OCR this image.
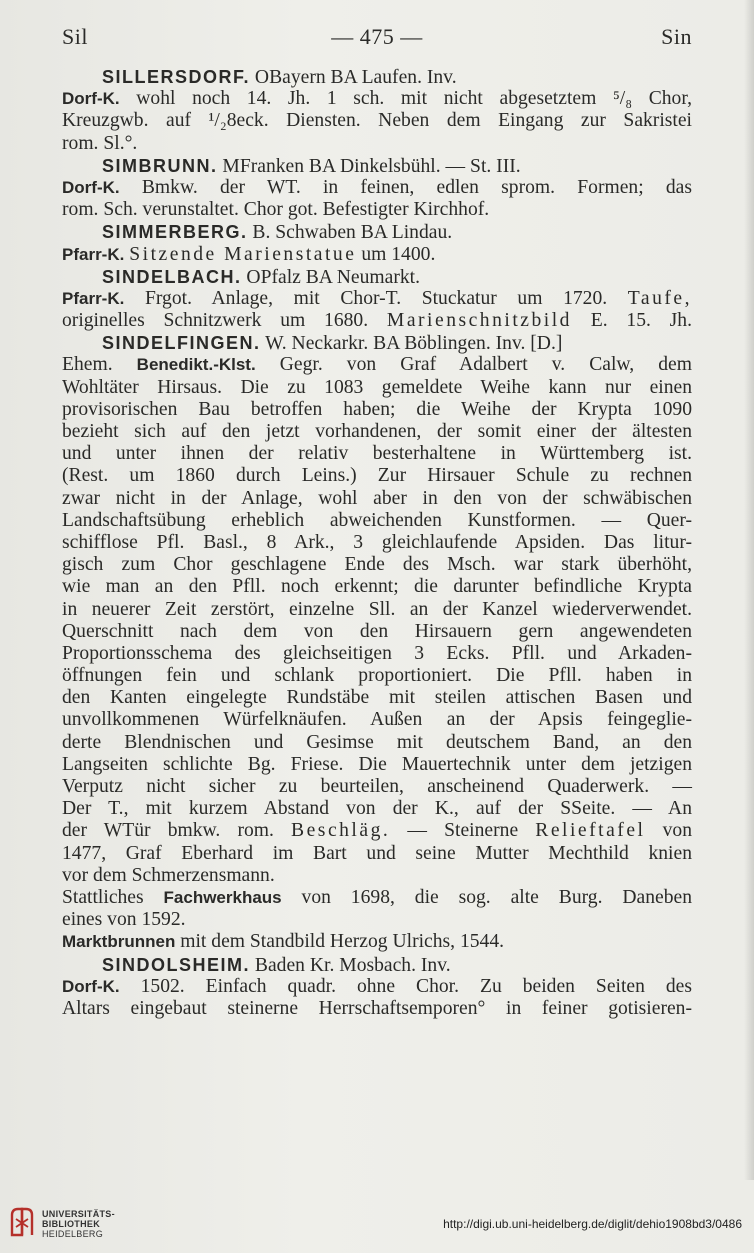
Sil	— 475 —	Sin
SILLERSDORF. OBayern BA Laufen. Inv.
Dorf-K. wohl noch 14. Jh. 1 sch. mit nicht abgesetztem ⁵/₈ Chor,
Kreuzgwb. auf ¹/₂8eck. Diensten. Neben dem Eingang zur Sakristei
rom. Sl.°.
SIMBRUNN. MFranken BA Dinkelsbühl. — St. III.
Dorf-K. Bmkw. der WT. in feinen, edlen sprom. Formen; das
rom. Sch. verunstaltet. Chor got. Befestigter Kirchhof.
SIMMERBERG. B. Schwaben BA Lindau.
Pfarr-K. Sitzende Marienstatue um 1400.
SINDELBACH. OPfalz BA Neumarkt.
Pfarr-K. Frgot. Anlage, mit Chor-T. Stuckatur um 1720. Taufe,
originelles Schnitzwerk um 1680. Marienschnitzbild E. 15. Jh.
SINDELFINGEN. W. Neckarkr. BA Böblingen. Inv. [D.]
Ehem. Benedikt.-Klst. Gegr. von Graf Adalbert v. Calw, dem
Wohltäter Hirsaus. Die zu 1083 gemeldete Weihe kann nur einen
provisorischen Bau betroffen haben; die Weihe der Krypta 1090
bezieht sich auf den jetzt vorhandenen, der somit einer der ältesten
und unter ihnen der relativ besterhaltene in Württemberg ist.
(Rest. um 1860 durch Leins.) Zur Hirsauer Schule zu rechnen
zwar nicht in der Anlage, wohl aber in den von der schwäbischen
Landschaftsübung erheblich abweichenden Kunstformen. — Quer-
schifflose Pfl. Basl., 8 Ark., 3 gleichlaufende Apsiden. Das litur-
gisch zum Chor geschlagene Ende des Msch. war stark überhöht,
wie man an den Pfll. noch erkennt; die darunter befindliche Krypta
in neuerer Zeit zerstört, einzelne Sll. an der Kanzel wiederverwendet.
Querschnitt nach dem von den Hirsauern gern angewendeten
Proportionsschema des gleichseitigen 3 Ecks. Pfll. und Arkaden-
öffnungen fein und schlank proportioniert. Die Pfll. haben in
den Kanten eingelegte Rundstäbe mit steilen attischen Basen und
unvollkommenen Würfelknäufen. Außen an der Apsis feingeglie-
derte Blendnischen und Gesimse mit deutschem Band, an den
Langseiten schlichte Bg. Friese. Die Mauertechnik unter dem jetzigen
Verputz nicht sicher zu beurteilen, anscheinend Quaderwerk. —
Der T., mit kurzem Abstand von der K., auf der SSeite. — An
der WTür bmkw. rom. Beschläg. — Steinerne Relieftafel von
1477, Graf Eberhard im Bart und seine Mutter Mechthild knien
vor dem Schmerzensmann.
Stattliches Fachwerkhaus von 1698, die sog. alte Burg. Daneben
eines von 1592.
Marktbrunnen mit dem Standbild Herzog Ulrichs, 1544.
SINDOLSHEIM. Baden Kr. Mosbach. Inv.
Dorf-K. 1502. Einfach quadr. ohne Chor. Zu beiden Seiten des
Altars eingebaut steinerne Herrschaftsemporen° in feiner gotisieren-
UNIVERSITÄTS-
BIBLIOTHEK
HEIDELBERG
http://digi.ub.uni-heidelberg.de/diglit/dehio1908bd3/0486
